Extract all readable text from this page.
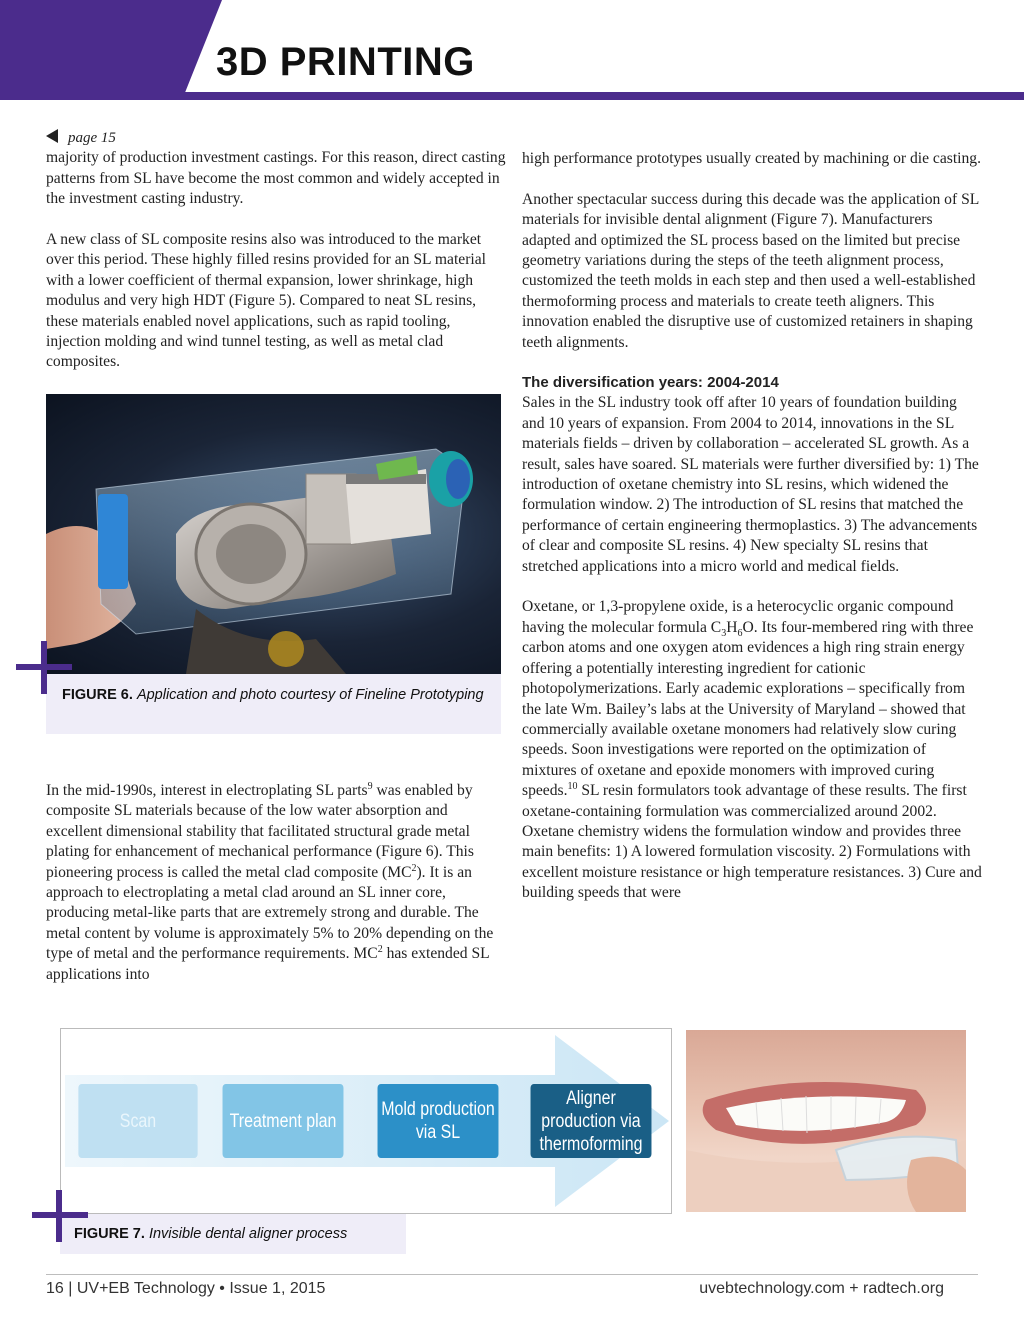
3D PRINTING

page 15

majority of production investment castings. For this reason, direct casting patterns from SL have become the most common and widely accepted in the investment casting industry.

A new class of SL composite resins also was introduced to the market over this period. These highly filled resins provided for an SL material with a lower coefficient of thermal expansion, lower shrinkage, high modulus and very high HDT (Figure 5). Compared to neat SL resins, these materials enabled novel applications, such as rapid tooling, injection molding and wind tunnel testing, as well as metal clad composites.

FIGURE 6. Application and photo courtesy of Fineline Prototyping

In the mid-1990s, interest in electroplating SL parts$^9$ was enabled by composite SL materials because of the low water absorption and excellent dimensional stability that facilitated structural grade metal plating for enhancement of mechanical performance (Figure 6). This pioneering process is called the metal clad composite $(MC^2)$. It is an approach to electroplating a metal clad around an SL inner core, producing metal-like parts that are extremely strong and durable. The metal content by volume is approximately 5% to 20% depending on the type of metal and the performance requirements. $MC^2$ has extended SL applications into

high performance prototypes usually created by machining or die casting.

Another spectacular success during this decade was the application of SL materials for invisible dental alignment (Figure 7). Manufacturers adapted and optimized the SL process based on the limited but precise geometry variations during the steps of the teeth alignment process, customized the teeth molds in each step and then used a well-established thermoforming process and materials to create teeth aligners. This innovation enabled the disruptive use of customized retainers in shaping teeth alignments.

The diversification years: 2004-2014

Sales in the SL industry took off after 10 years of foundation building and 10 years of expansion. From 2004 to 2014, innovations in the SL materials fields – driven by collaboration – accelerated SL growth. As a result, sales have soared. SL materials were further diversified by: 1) The introduction of oxetane chemistry into SL resins, which widened the formulation window. 2) The introduction of SL resins that matched the performance of certain engineering thermoplastics. 3) The advancements of clear and composite SL resins. 4) New specialty SL resins that stretched applications into a micro world and medical fields.

Oxetane, or 1,3-propylene oxide, is a heterocyclic organic compound having the molecular formula $C_3H_6O$. Its four-membered ring with three carbon atoms and one oxygen atom evidences a high ring strain energy offering a potentially interesting ingredient for cationic photopolymerizations. Early academic explorations – specifically from the late Wm. Bailey’s labs at the University of Maryland – showed that commercially available oxetane monomers had relatively slow curing speeds. Soon investigations were reported on the optimization of mixtures of oxetane and epoxide monomers with improved curing speeds.$^{10}$ SL resin formulators took advantage of these results. The first oxetane-containing formulation was commercialized around 2002. Oxetane chemistry widens the formulation window and provides three main benefits: 1) A lowered formulation viscosity. 2) Formulations with excellent moisture resistance or high temperature resistances. 3) Cure and building speeds that were

Scan	Treatment plan
Mold production via SL
Aligner production via thermoforming
FIGURE 7. Invisible dental aligner process
16 | UV+EB Technology • Issue 1, 2015	uvebtechnology.com + radtech.org
